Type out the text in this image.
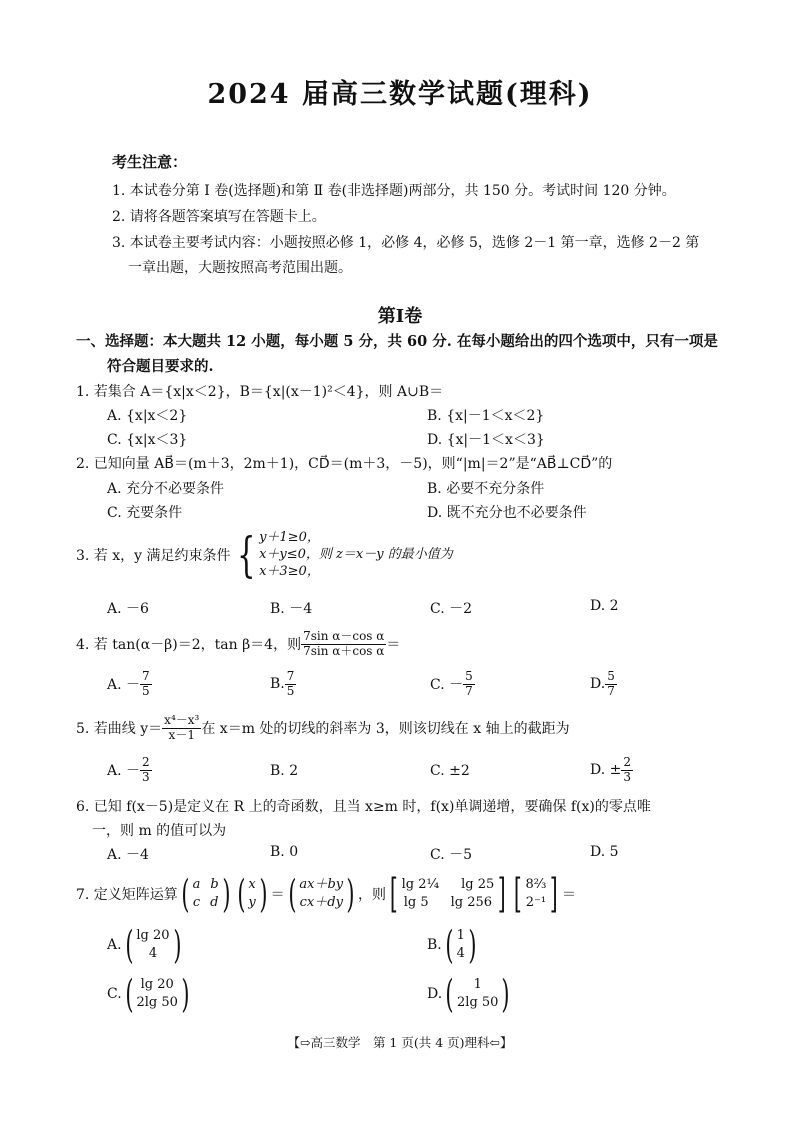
2024 届高三数学试题(理科)
考生注意：
1. 本试卷分第 Ⅰ 卷(选择题)和第 Ⅱ 卷(非选择题)两部分，共 150 分。考试时间 120 分钟。
2. 请将各题答案填写在答题卡上。
3. 本试卷主要考试内容：小题按照必修 1，必修 4，必修 5，选修 2－1 第一章，选修 2－2 第
一章出题，大题按照高考范围出题。
第Ⅰ卷
一、选择题：本大题共 12 小题，每小题 5 分，共 60 分. 在每小题给出的四个选项中，只有一项是
符合题目要求的.
1. 若集合 A＝{x|x＜2}，B＝{x|(x－1)²＜4}，则 A∪B＝
A. {x|x＜2}	B. {x|－1＜x＜2}
C. {x|x＜3}	D. {x|－1＜x＜3}
2. 已知向量 AB⃗＝(m＋3，2m＋1)，CD⃗＝(m＋3，－5)，则“|m|＝2”是“AB⃗⊥CD⃗”的
A. 充分不必要条件	B. 必要不充分条件
C. 充要条件	D. 既不充分也不必要条件
3. 若 x，y 满足约束条件 { y＋1≥0，
x＋y≤0，则 z＝x－y 的最小值为
x＋3≥0，
A. －6	B. －4	C. －2	D. 2
4. 若 tan(α－β)＝2，tan β＝4，则 $\frac{\text{7sin α－cos α}}{\text{7sin α＋cos α}}$ ＝
A. － $\frac{7}{5}$	B. $\frac{7}{5}$	C. － $\frac{5}{7}$	D. $\frac{5}{7}$
5. 若曲线 $y= \frac{\text{x⁴－x³}}{x-1}$ 在 x＝m 处的切线的斜率为 3，则该切线在 x 轴上的截距为
A. － $\frac{2}{3}$	B. 2	C. ±2	D. ± $\frac{2}{3}$
6. 已知 f(x－5)是定义在 R 上的奇函数，且当 x≥m 时，f(x)单调递增，要确保 f(x)的零点唯
一，则 m 的值可以为
A. －4	B. 0	C. －5	D. 5
7. 定义矩阵运算 ( a b
c d ) ( x
y ) ＝ ( ax＋by
cx＋dy ) ，则 [ lg 2¹⁄₄ lg 25
lg 5 lg 256 ] [ 8²⁄₃
2⁻¹ ] ＝
A. ( lg 20
4 )	B. ( 1
4 )
C. ( lg 20
2lg 50 )	D. (	1
2lg 50 )
【⇨高三数学　第 1 页(共 4 页)理科⇦】
